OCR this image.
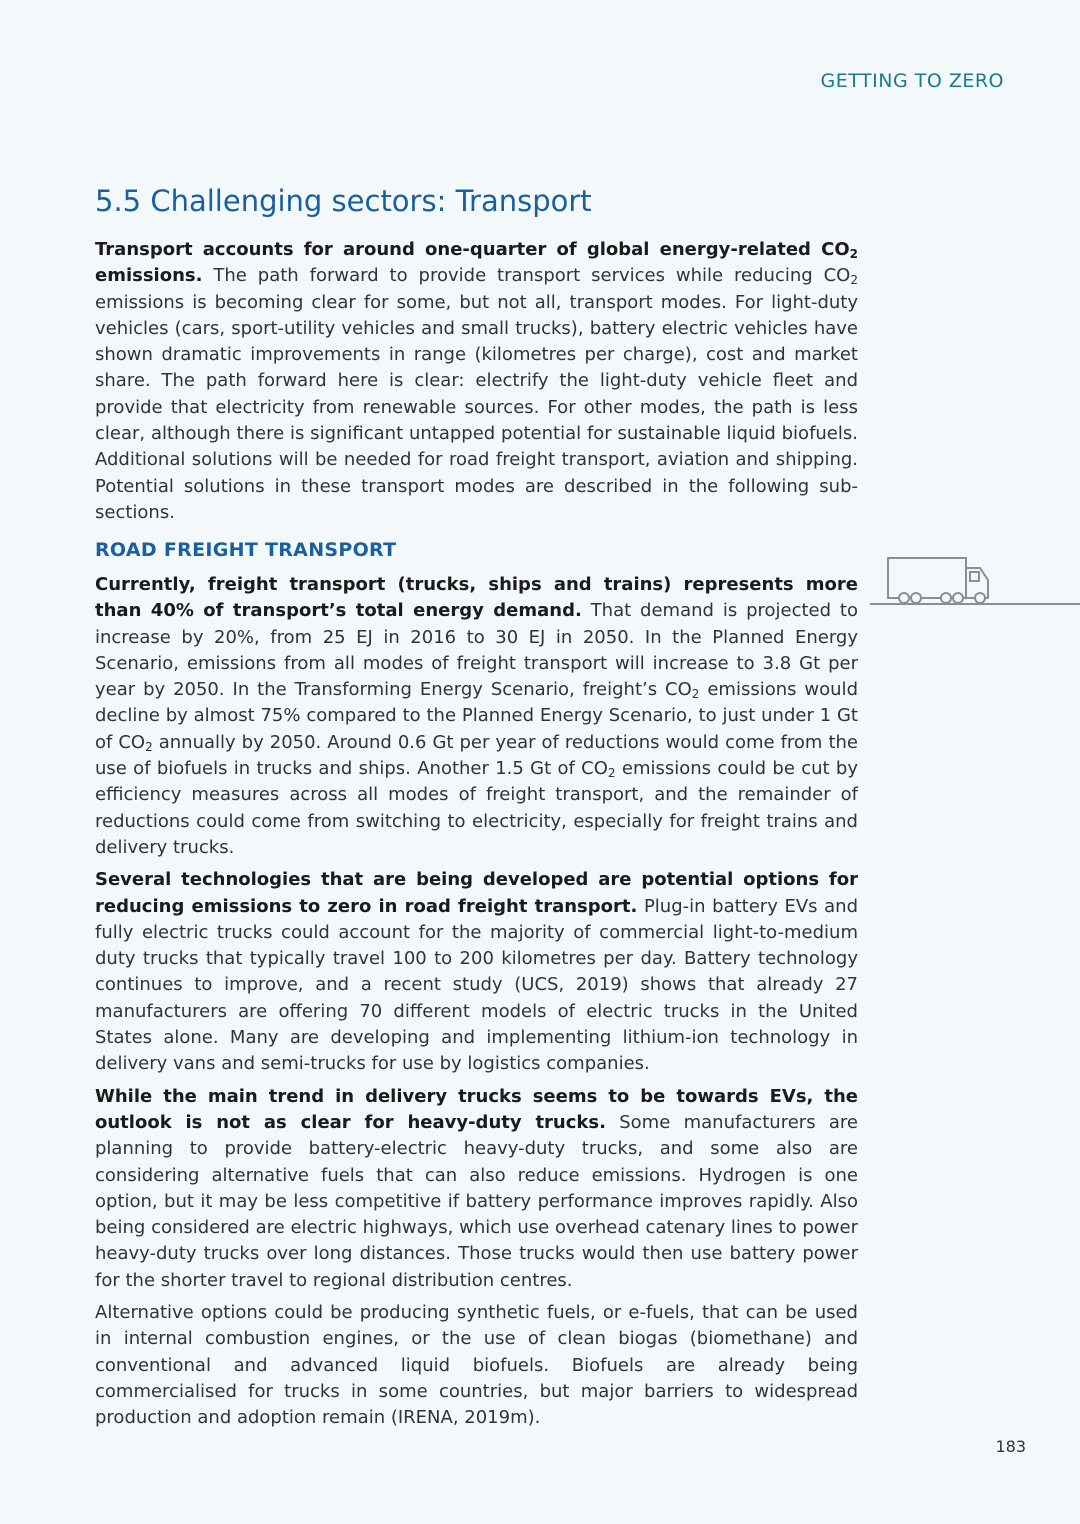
GETTING TO ZERO
5.5 Challenging sectors: Transport

Transport accounts for around one-quarter of global energy-related $CO_2$ emissions. The path forward to provide transport services while reducing $CO_2$ emissions is becoming clear for some, but not all, transport modes. For light-duty vehicles (cars, sport-utility vehicles and small trucks), battery electric vehicles have shown dramatic improvements in range (kilometres per charge), cost and market share. The path forward here is clear: electrify the light-duty vehicle fleet and provide that electricity from renewable sources. For other modes, the path is less clear, although there is significant untapped potential for sustainable liquid biofuels. Additional solutions will be needed for road freight transport, aviation and shipping. Potential solutions in these transport modes are described in the following sub-sections.

ROAD FREIGHT TRANSPORT

Currently, freight transport (trucks, ships and trains) represents more than 40% of transport’s total energy demand. That demand is projected to increase by 20%, from 25 EJ in 2016 to 30 EJ in 2050. In the Planned Energy Scenario, emissions from all modes of freight transport will increase to 3.8 Gt per year by 2050. In the Transforming Energy Scenario, freight’s $CO_2$ emissions would decline by almost 75% compared to the Planned Energy Scenario, to just under 1 Gt of $CO_2$ annually by 2050. Around 0.6 Gt per year of reductions would come from the use of biofuels in trucks and ships. Another 1.5 Gt of $CO_2$ emissions could be cut by efficiency measures across all modes of freight transport, and the remainder of reductions could come from switching to electricity, especially for freight trains and delivery trucks.

Several technologies that are being developed are potential options for reducing emissions to zero in road freight transport. Plug-in battery EVs and fully electric trucks could account for the majority of commercial light-to-medium duty trucks that typically travel 100 to 200 kilometres per day. Battery technology continues to improve, and a recent study (UCS, 2019) shows that already 27 manufacturers are offering 70 different models of electric trucks in the United States alone. Many are developing and implementing lithium-ion technology in delivery vans and semi-trucks for use by logistics companies.

While the main trend in delivery trucks seems to be towards EVs, the outlook is not as clear for heavy-duty trucks. Some manufacturers are planning to provide battery-electric heavy-duty trucks, and some also are considering alternative fuels that can also reduce emissions. Hydrogen is one option, but it may be less competitive if battery performance improves rapidly. Also being considered are electric highways, which use overhead catenary lines to power heavy-duty trucks over long distances. Those trucks would then use battery power for the shorter travel to regional distribution centres.

Alternative options could be producing synthetic fuels, or e-fuels, that can be used in internal combustion engines, or the use of clean biogas (biomethane) and conventional and advanced liquid biofuels. Biofuels are already being commercialised for trucks in some countries, but major barriers to widespread production and adoption remain (IRENA, 2019m).

183
